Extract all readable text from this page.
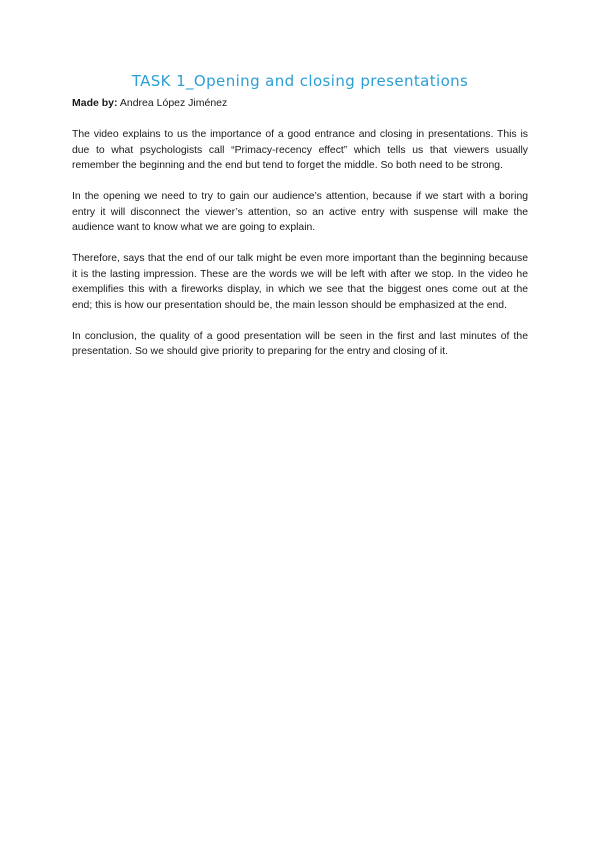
TASK 1_Opening and closing presentations
Made by: Andrea López Jiménez

The video explains to us the importance of a good entrance and closing in presentations. This is due to what psychologists call “Primacy-recency effect” which tells us that viewers usually remember the beginning and the end but tend to forget the middle. So both need to be strong.

In the opening we need to try to gain our audience’s attention, because if we start with a boring entry it will disconnect the viewer’s attention, so an active entry with suspense will make the audience want to know what we are going to explain.

Therefore, says that the end of our talk might be even more important than the beginning because it is the lasting impression. These are the words we will be left with after we stop. In the video he exemplifies this with a fireworks display, in which we see that the biggest ones come out at the end; this is how our presentation should be, the main lesson should be emphasized at the end.

In conclusion, the quality of a good presentation will be seen in the first and last minutes of the presentation. So we should give priority to preparing for the entry and closing of it.
